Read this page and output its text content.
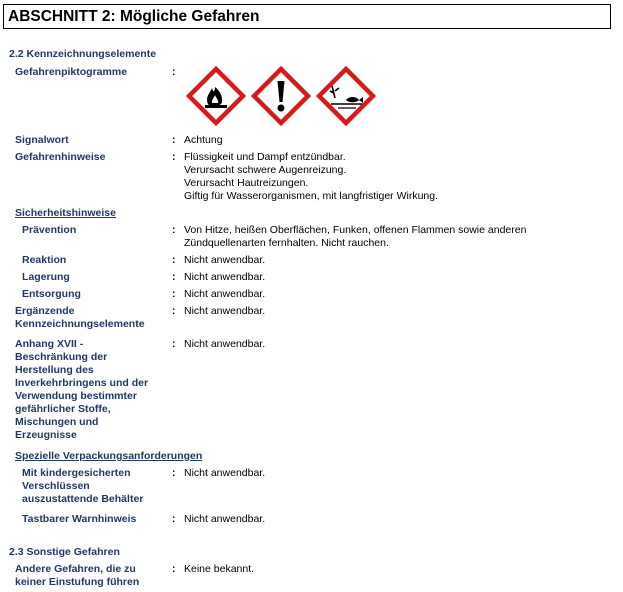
ABSCHNITT 2: Mögliche Gefahren
2.2 Kennzeichnungselemente
Gefahrenpiktogramme	:
Signalwort	: Achtung
Gefahrenhinweise	: Flüssigkeit und Dampf entzündbar.
Verursacht schwere Augenreizung.
Verursacht Hautreizungen.
Giftig für Wasserorganismen, mit langfristiger Wirkung.
Sicherheitshinweise
Prävention	: Von Hitze, heißen Oberflächen, Funken, offenen Flammen sowie anderen
Zündquellenarten fernhalten. Nicht rauchen.
Reaktion	: Nicht anwendbar.
Lagerung	: Nicht anwendbar.
Entsorgung	: Nicht anwendbar.
Ergänzende
Kennzeichnungselemente
: Nicht anwendbar.
Anhang XVII -
Beschränkung der
Herstellung des
Inverkehrbringens und der
Verwendung bestimmter
gefährlicher Stoffe,
Mischungen und
Erzeugnisse
: Nicht anwendbar.
Spezielle Verpackungsanforderungen
Mit kindergesicherten
Verschlüssen
auszustattende Behälter
: Nicht anwendbar.
Tastbarer Warnhinweis	: Nicht anwendbar.
2.3 Sonstige Gefahren
Andere Gefahren, die zu
keiner Einstufung führen
: Keine bekannt.
